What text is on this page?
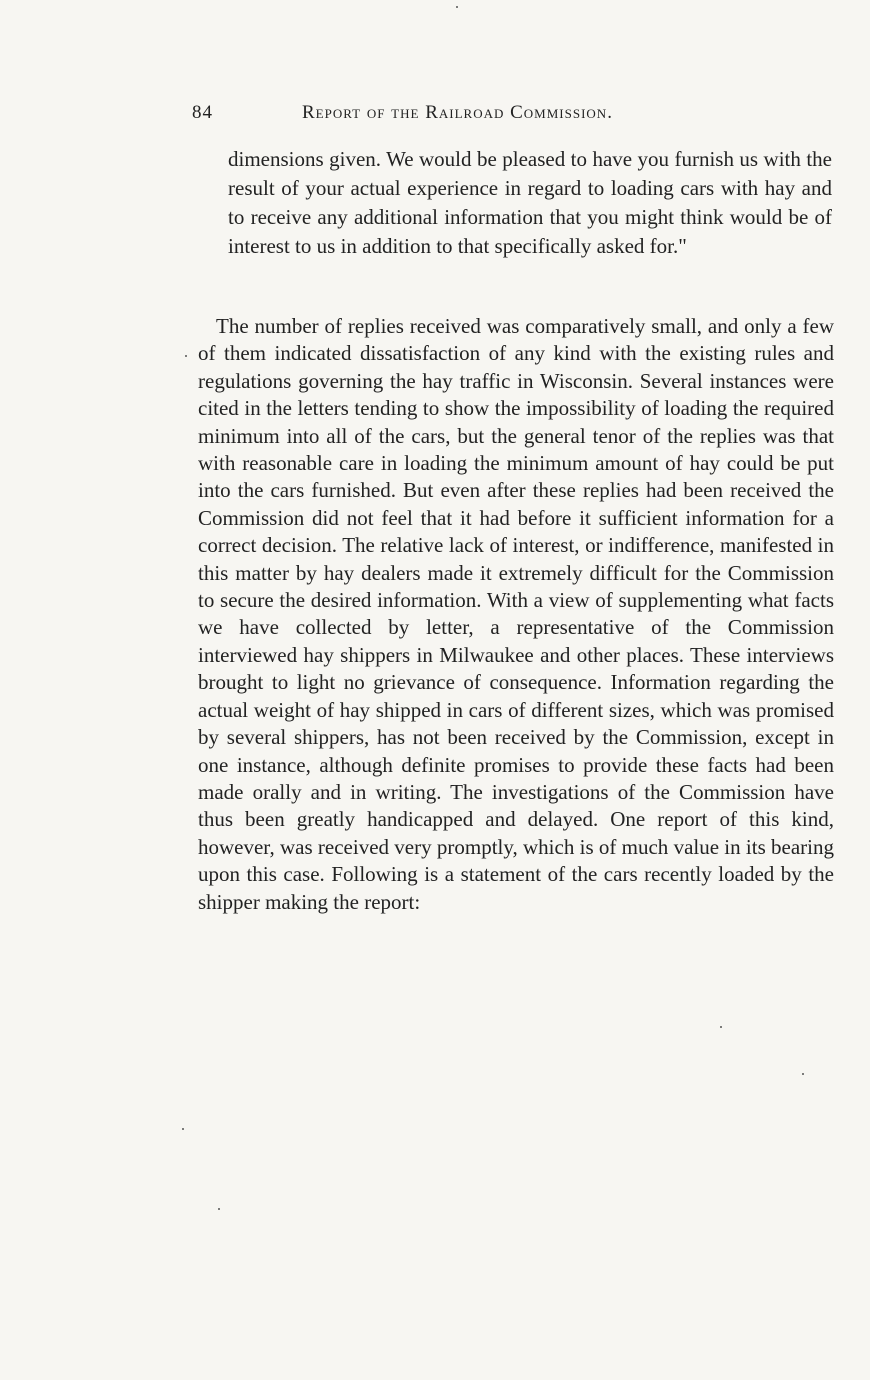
84	Report of the Railroad Commission.

dimensions given. We would be pleased to have you furnish us with the result of your actual experience in regard to loading cars with hay and to receive any additional information that you might think would be of interest to us in addition to that specifically asked for."

The number of replies received was comparatively small, and only a few of them indicated dissatisfaction of any kind with the existing rules and regulations governing the hay traffic in Wisconsin. Several instances were cited in the letters tending to show the impossibility of loading the required minimum into all of the cars, but the general tenor of the replies was that with reasonable care in loading the minimum amount of hay could be put into the cars furnished. But even after these replies had been received the Commission did not feel that it had before it sufficient information for a correct decision. The relative lack of interest, or indifference, manifested in this matter by hay dealers made it extremely difficult for the Commission to secure the desired information. With a view of supplementing what facts we have collected by letter, a representative of the Commission interviewed hay shippers in Milwaukee and other places. These interviews brought to light no grievance of consequence. Information regarding the actual weight of hay shipped in cars of different sizes, which was promised by several shippers, has not been received by the Commission, except in one instance, although definite promises to provide these facts had been made orally and in writing. The investigations of the Commission have thus been greatly handicapped and delayed. One report of this kind, however, was received very promptly, which is of much value in its bearing upon this case. Following is a statement of the cars recently loaded by the shipper making the report:
